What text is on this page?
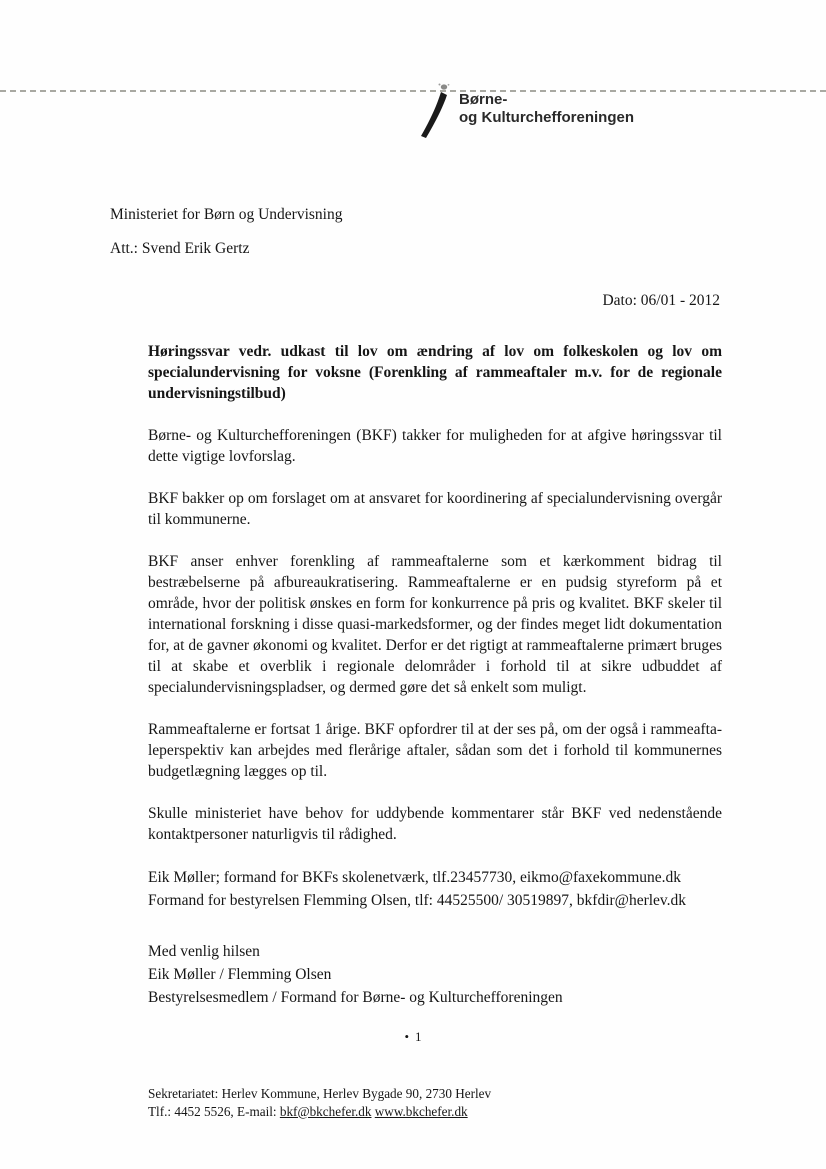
Børne-
og Kulturchefforeningen
Ministeriet for Børn og Undervisning
Att.: Svend Erik Gertz
Dato: 06/01 - 2012
Høringssvar vedr. udkast til lov om ændring af lov om folkeskolen og lov om specialundervisning for voksne (Forenkling af rammeaftaler m.v. for de regionale undervisningstilbud)
Børne- og Kulturchefforeningen (BKF) takker for muligheden for at afgive høringssvar til dette vigtige lovforslag.
BKF bakker op om forslaget om at ansvaret for koordinering af specialundervisning overgår til kommunerne.
BKF anser enhver forenkling af rammeaftalerne som et kærkomment bidrag til bestræbelserne på afbureaukratisering. Rammeaftalerne er en pudsig styreform på et område, hvor der politisk ønskes en form for konkurrence på pris og kvalitet. BKF skeler til international forskning i disse quasi-markedsformer, og der findes meget lidt dokumentation for, at de gavner økonomi og kvalitet. Derfor er det rigtigt at rammeaftalerne primært bruges til at skabe et overblik i regionale delområder i forhold til at sikre udbuddet af specialundervisningspladser, og dermed gøre det så enkelt som muligt.
Rammeaftalerne er fortsat 1 årige. BKF opfordrer til at der ses på, om der også i rammeaftaleperspektiv kan arbejdes med flerårige aftaler, sådan som det i forhold til kommunernes budgetlægning lægges op til.
Skulle ministeriet have behov for uddybende kommentarer står BKF ved nedenstående kontaktpersoner naturligvis til rådighed.
Eik Møller; formand for BKFs skolenetværk, tlf.23457730, eikmo@faxekommune.dk
Formand for bestyrelsen Flemming Olsen, tlf: 44525500/ 30519897, bkfdir@herlev.dk
Med venlig hilsen
Eik Møller / Flemming Olsen
Bestyrelsesmedlem / Formand for Børne- og Kulturchefforeningen
•1
Sekretariatet: Herlev Kommune, Herlev Bygade 90, 2730 Herlev
Tlf.: 4452 5526, E-mail: bkf@bkchefer.dk www.bkchefer.dk
